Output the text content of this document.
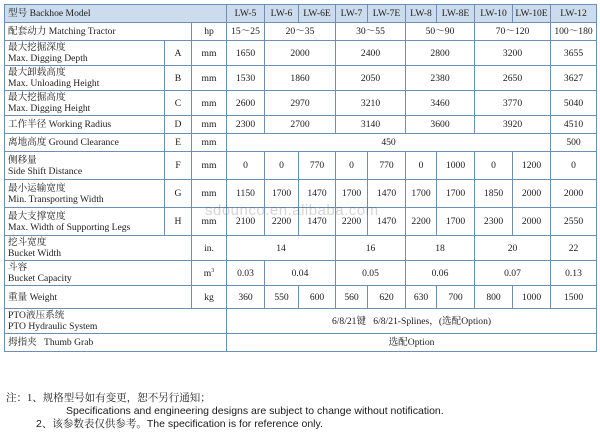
型号 Backhoe Model			LW-5	LW-6	LW-6E	LW-7	LW-7E	LW-8	LW-8E	LW-10	LW-10E	LW-12
配套动力 Matching Tractor		hp	15～25	20～35		30～55		50～90		70～120		100～180

最大挖掘深度
Max. Digging Depth	A	mm	1650	2000		2400		2800		3200		3655

最大卸载高度
Max. Unloading Height	B	mm	1530	1860		2050		2380		2650		3627

最大挖掘高度
Max. Digging Height	C	mm	2600	2970		3210		3460		3770		5040
工作半径 Working Radius	D	mm	2300	2700		3140		3600		3920		4510
离地高度 Ground Clearance	E	mm	450									500

侧移量
Side Shift Distance	F	mm	0	0	770	0	770	0	1000	0	1200	0

最小运输宽度
Min. Transporting Width	G	mm	1150	1700	1470	1700	1470	1700	1700	1850	2000	2000

最大支撑宽度
Max. Width of Supporting Legs	H	mm	2100	2200	1470	2200	1470	2200	1700	2300	2000	2550

挖斗宽度
Bucket Width		in.	14			16		18		20		22

斗容
Bucket Capacity		$m^3$	0.03	0.04		0.05		0.06		0.07		0.13
重量 Weight		kg	360	550	600	560	620	630	700	800	1000	1500

PTO液压系统
PTO Hydraulic System			6/8/21键 6/8/21-Splines，(选配Option)									
拇指夹 Thumb Grab			选配Option									
sdounco.en.alibaba.com
注：1、规格型号如有变更，恕不另行通知；
Specifications and engineering designs are subject to change without notification.
2、该参数表仅供参考。The specification is for reference only.
